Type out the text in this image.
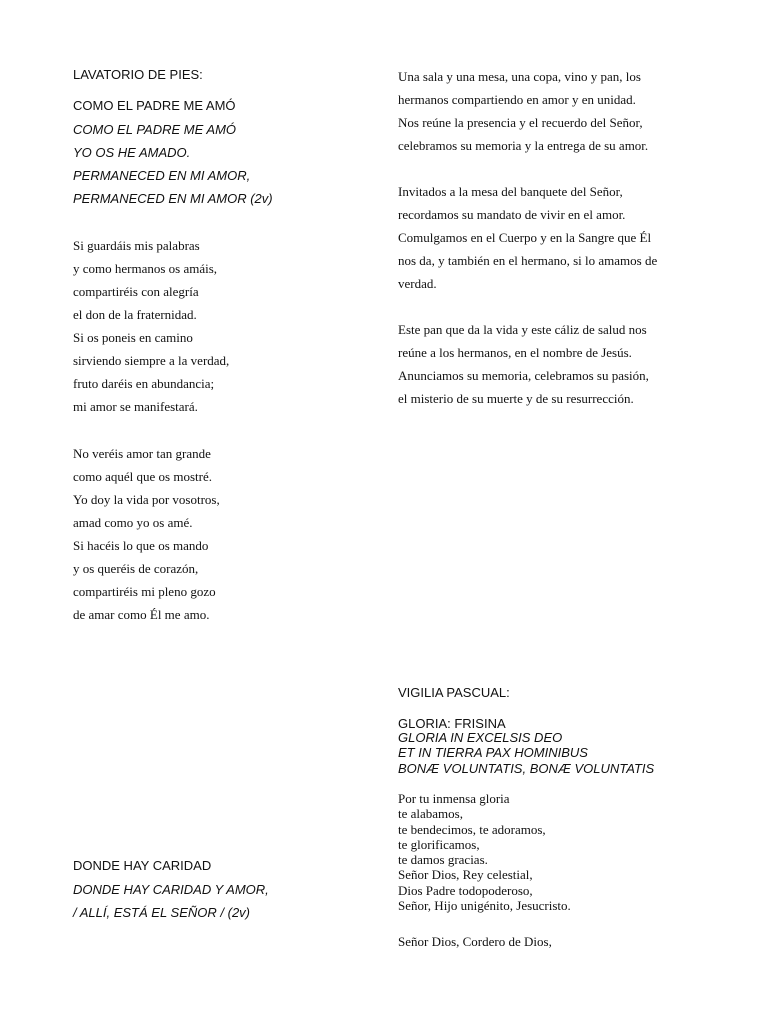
LAVATORIO DE PIES:
COMO EL PADRE ME AMÓ
COMO EL PADRE ME AMÓ
YO OS HE AMADO.
PERMANECED EN MI AMOR,
PERMANECED EN MI AMOR (2v)
Si guardáis mis palabras
y como hermanos os amáis,
compartiréis con alegría
el don de la fraternidad.
Si os poneis en camino
sirviendo siempre a la verdad,
fruto daréis en abundancia;
mi amor se manifestará.
No veréis amor tan grande
como aquél que os mostré.
Yo doy la vida por vosotros,
amad como yo os amé.
Si hacéis lo que os mando
y os queréis de corazón,
compartiréis mi pleno gozo
de amar como Él me amo.
DONDE HAY CARIDAD
DONDE HAY CARIDAD Y AMOR,
/ ALLÍ, ESTÁ EL SEÑOR / (2v)
Una sala y una mesa, una copa, vino y pan, los
hermanos compartiendo en amor y en unidad.
Nos reúne la presencia y el recuerdo del Señor,
celebramos su memoria y la entrega de su amor.
Invitados a la mesa del banquete del Señor,
recordamos su mandato de vivir en el amor.
Comulgamos en el Cuerpo y en la Sangre que Él
nos da, y también en el hermano, si lo amamos de
verdad.
Este pan que da la vida y este cáliz de salud nos
reúne a los hermanos, en el nombre de Jesús.
Anunciamos su memoria, celebramos su pasión,
el misterio de su muerte y de su resurrección.
VIGILIA PASCUAL:
GLORIA: FRISINA
GLORIA IN EXCELSIS DEO
ET IN TIERRA PAX HOMINIBUS
BONÆ VOLUNTATIS, BONÆ VOLUNTATIS
Por tu inmensa gloria
te alabamos,
te bendecimos, te adoramos,
te glorificamos,
te damos gracias.
Señor Dios, Rey celestial,
Dios Padre todopoderoso,
Señor, Hijo unigénito, Jesucristo.
Señor Dios, Cordero de Dios,
